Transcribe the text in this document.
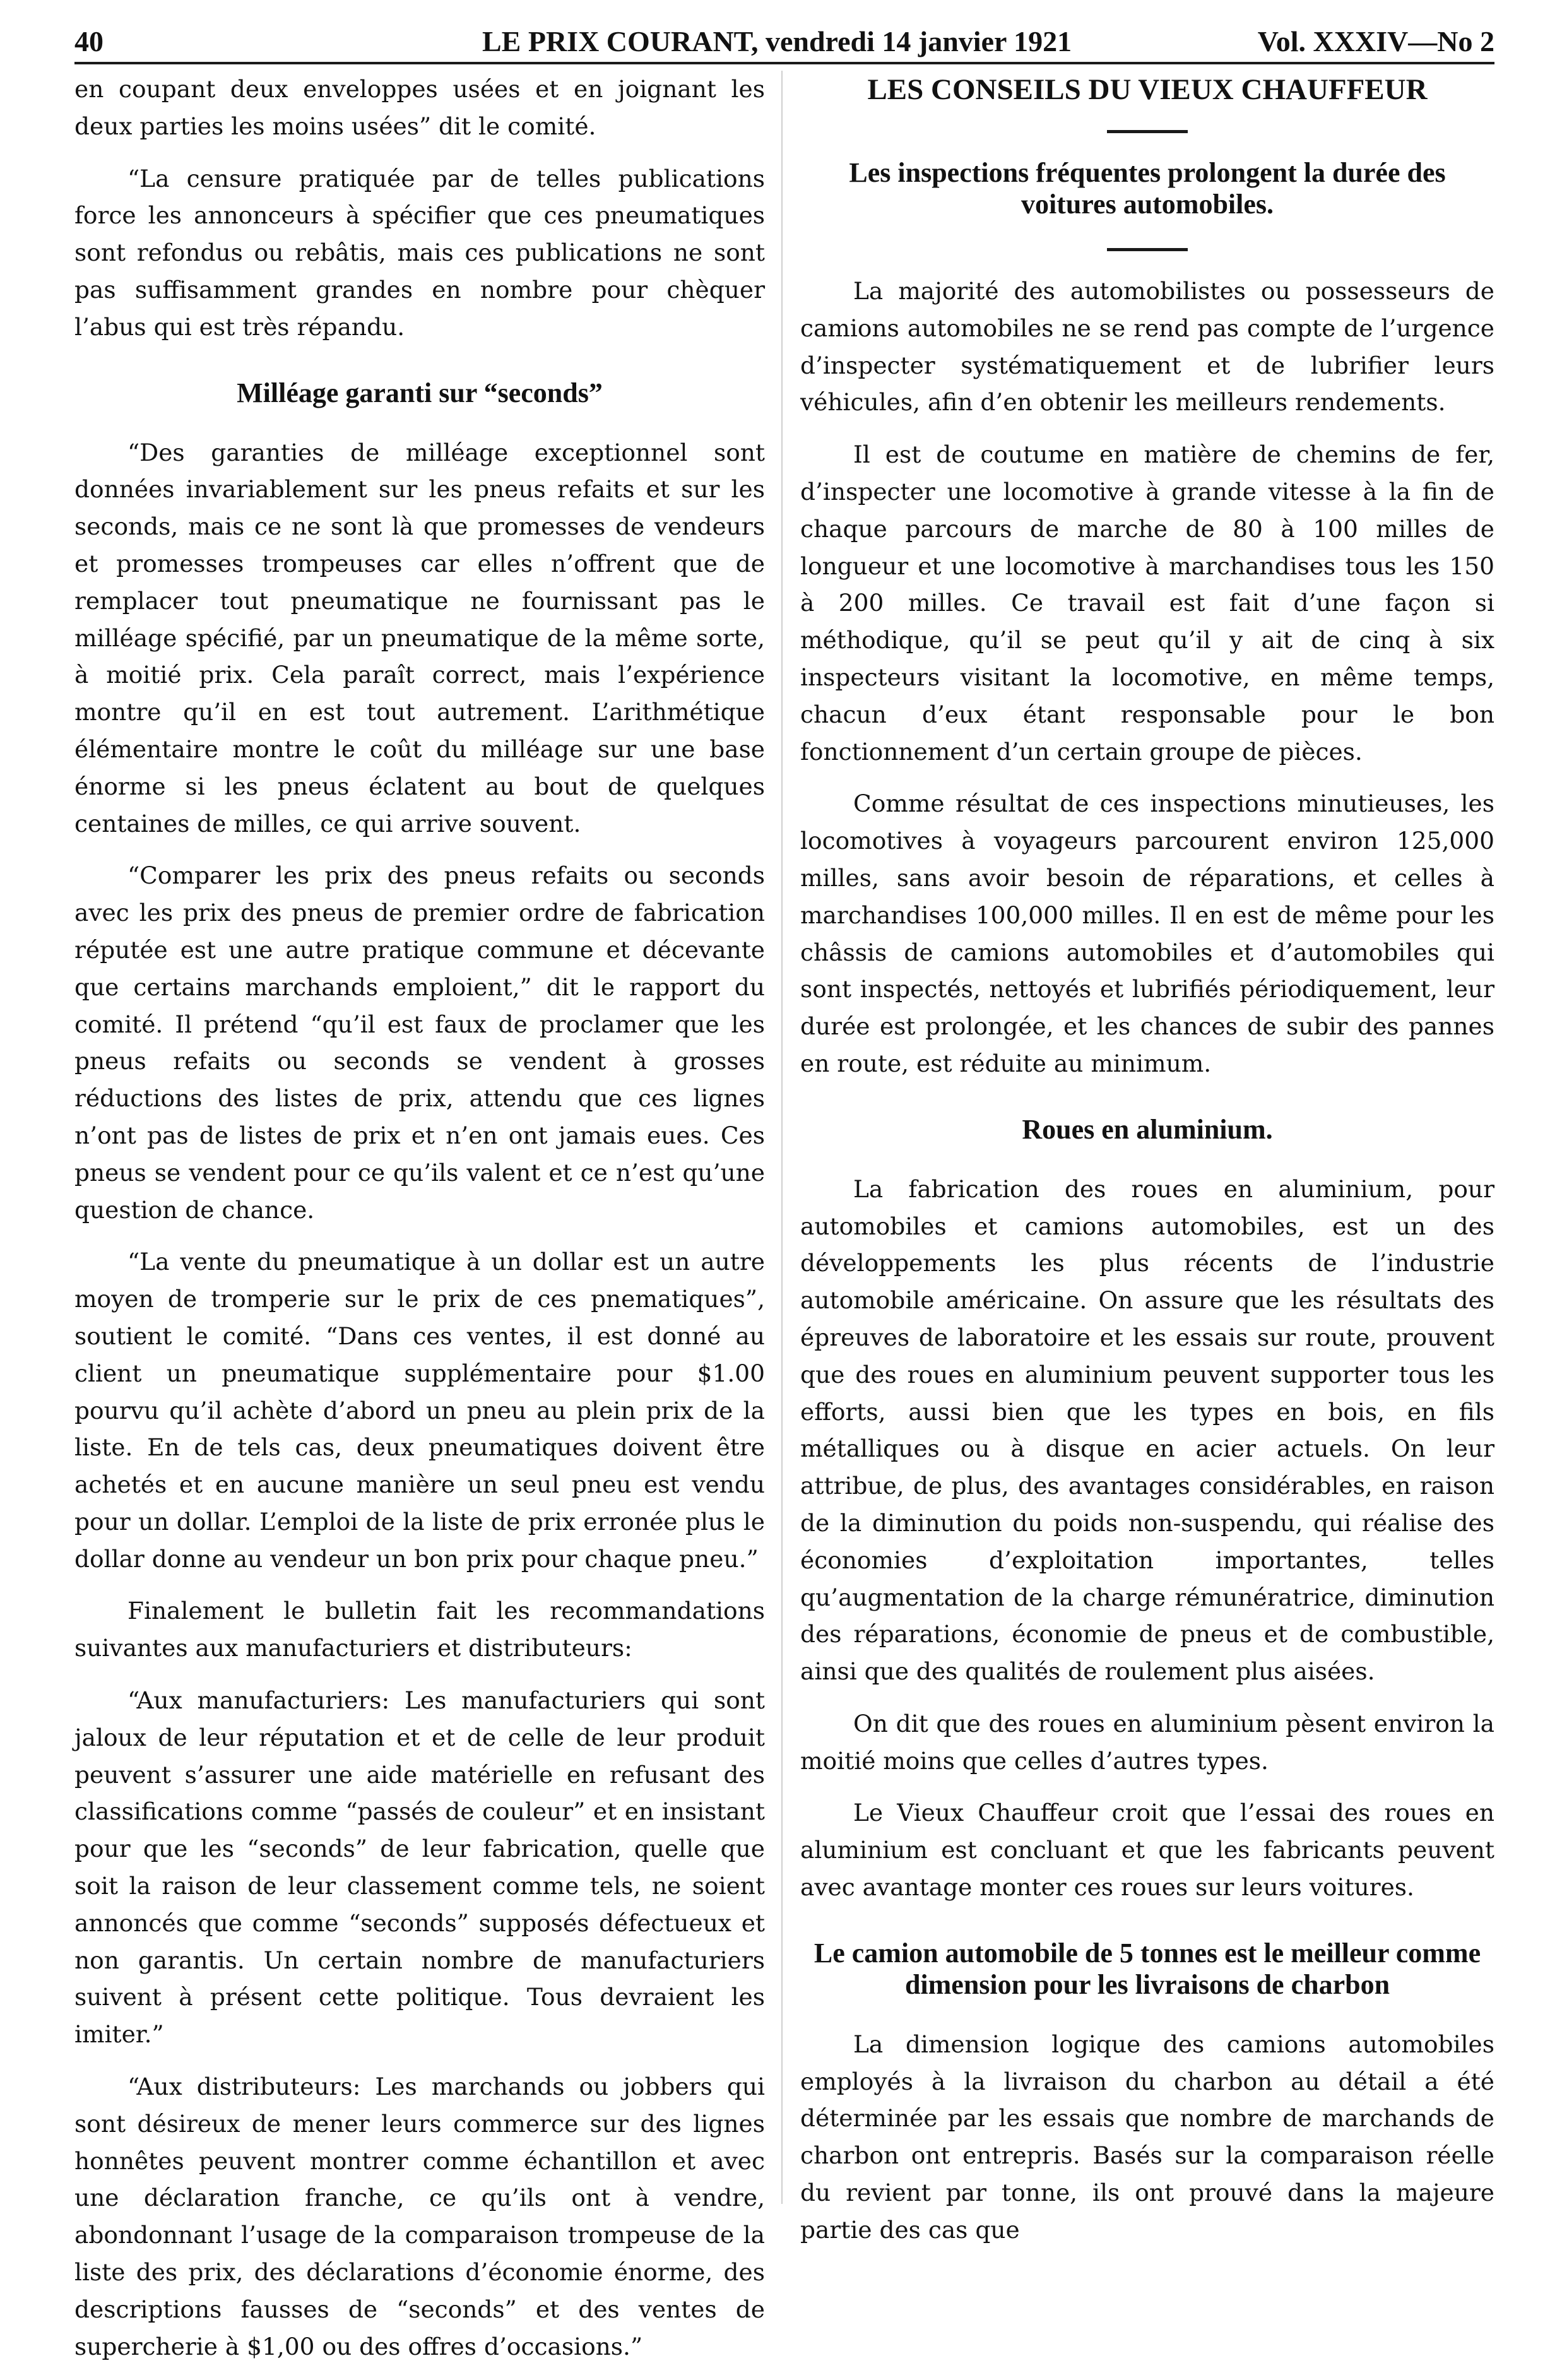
40	LE PRIX COURANT, vendredi 14 janvier 1921	Vol. XXXIV—No 2

en coupant deux enveloppes usées et en joignant les deux parties les moins usées” dit le comité.

“La censure pratiquée par de telles publications force les annonceurs à spécifier que ces pneumatiques sont refondus ou rebâtis, mais ces publications ne sont pas suffisamment grandes en nombre pour chèquer l’abus qui est très répandu.

Milléage garanti sur “seconds”

“Des garanties de milléage exceptionnel sont données invariablement sur les pneus refaits et sur les seconds, mais ce ne sont là que promesses de vendeurs et promesses trompeuses car elles n’offrent que de remplacer tout pneumatique ne fournissant pas le milléage spécifié, par un pneumatique de la même sorte, à moitié prix. Cela paraît correct, mais l’expérience montre qu’il en est tout autrement. L’arithmétique élémentaire montre le coût du milléage sur une base énorme si les pneus éclatent au bout de quelques centaines de milles, ce qui arrive souvent.

“Comparer les prix des pneus refaits ou seconds avec les prix des pneus de premier ordre de fabrication réputée est une autre pratique commune et décevante que certains marchands emploient,” dit le rapport du comité. Il prétend “qu’il est faux de proclamer que les pneus refaits ou seconds se vendent à grosses réductions des listes de prix, attendu que ces lignes n’ont pas de listes de prix et n’en ont jamais eues. Ces pneus se vendent pour ce qu’ils valent et ce n’est qu’une question de chance.

“La vente du pneumatique à un dollar est un autre moyen de tromperie sur le prix de ces pnematiques”, soutient le comité. “Dans ces ventes, il est donné au client un pneumatique supplémentaire pour $1.00 pourvu qu’il achète d’abord un pneu au plein prix de la liste. En de tels cas, deux pneumatiques doivent être achetés et en aucune manière un seul pneu est vendu pour un dollar. L’emploi de la liste de prix erronée plus le dollar donne au vendeur un bon prix pour chaque pneu.”

Finalement le bulletin fait les recommandations suivantes aux manufacturiers et distributeurs:

“Aux manufacturiers: Les manufacturiers qui sont jaloux de leur réputation et et de celle de leur produit peuvent s’assurer une aide matérielle en refusant des classifications comme “passés de couleur” et en insistant pour que les “seconds” de leur fabrication, quelle que soit la raison de leur classement comme tels, ne soient annoncés que comme “seconds” supposés défectueux et non garantis. Un certain nombre de manufacturiers suivent à présent cette politique. Tous devraient les imiter.”

“Aux distributeurs: Les marchands ou jobbers qui sont désireux de mener leurs commerce sur des lignes honnêtes peuvent montrer comme échantillon et avec une déclaration franche, ce qu’ils ont à vendre, abondonnant l’usage de la comparaison trompeuse de la liste des prix, des déclarations d’économie énorme, des descriptions fausses de “seconds” et des ventes de supercherie à $1,00 ou des offres d’occasions.”

LES CONSEILS DU VIEUX CHAUFFEUR
Les inspections fréquentes prolongent la durée des voitures automobiles.

La majorité des automobilistes ou possesseurs de camions automobiles ne se rend pas compte de l’urgence d’inspecter systématiquement et de lubrifier leurs véhicules, afin d’en obtenir les meilleurs rendements.

Il est de coutume en matière de chemins de fer, d’inspecter une locomotive à grande vitesse à la fin de chaque parcours de marche de 80 à 100 milles de longueur et une locomotive à marchandises tous les 150 à 200 milles. Ce travail est fait d’une façon si méthodique, qu’il se peut qu’il y ait de cinq à six inspecteurs visitant la locomotive, en même temps, chacun d’eux étant responsable pour le bon fonctionnement d’un certain groupe de pièces.

Comme résultat de ces inspections minutieuses, les locomotives à voyageurs parcourent environ 125,000 milles, sans avoir besoin de réparations, et celles à marchandises 100,000 milles. Il en est de même pour les châssis de camions automobiles et d’automobiles qui sont inspectés, nettoyés et lubrifiés périodiquement, leur durée est prolongée, et les chances de subir des pannes en route, est réduite au minimum.

Roues en aluminium.

La fabrication des roues en aluminium, pour automobiles et camions automobiles, est un des développements les plus récents de l’industrie automobile américaine. On assure que les résultats des épreuves de laboratoire et les essais sur route, prouvent que des roues en aluminium peuvent supporter tous les efforts, aussi bien que les types en bois, en fils métalliques ou à disque en acier actuels. On leur attribue, de plus, des avantages considérables, en raison de la diminution du poids non-suspendu, qui réalise des économies d’exploitation importantes, telles qu’augmentation de la charge rémunératrice, diminution des réparations, économie de pneus et de combustible, ainsi que des qualités de roulement plus aisées.

On dit que des roues en aluminium pèsent environ la moitié moins que celles d’autres types.

Le Vieux Chauffeur croit que l’essai des roues en aluminium est concluant et que les fabricants peuvent avec avantage monter ces roues sur leurs voitures.

Le camion automobile de 5 tonnes est le meilleur comme dimension pour les livraisons de charbon

La dimension logique des camions automobiles employés à la livraison du charbon au détail a été déterminée par les essais que nombre de marchands de charbon ont entrepris. Basés sur la comparaison réelle du revient par tonne, ils ont prouvé dans la majeure partie des cas que
